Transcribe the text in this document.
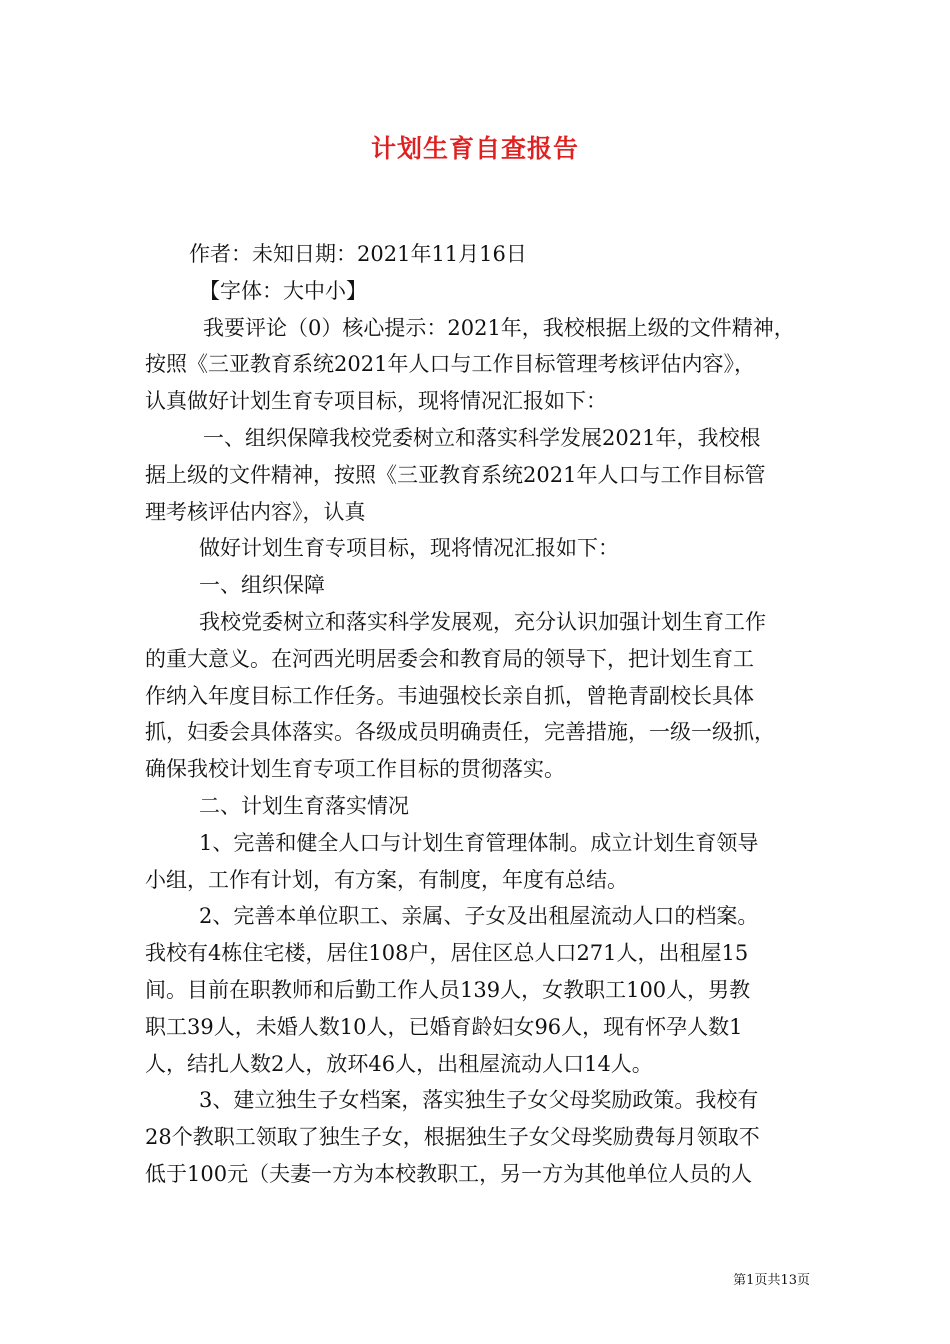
计划生育自查报告
作者：未知日期：2021年11月16日
【字体：大中小】
我要评论（0）核心提示：2021年，我校根据上级的文件精神，
按照《三亚教育系统2021年人口与工作目标管理考核评估内容》，
认真做好计划生育专项目标，现将情况汇报如下：
一、组织保障我校党委树立和落实科学发展2021年，我校根
据上级的文件精神，按照《三亚教育系统2021年人口与工作目标管
理考核评估内容》，认真
做好计划生育专项目标，现将情况汇报如下：
一、组织保障
我校党委树立和落实科学发展观，充分认识加强计划生育工作
的重大意义。在河西光明居委会和教育局的领导下，把计划生育工
作纳入年度目标工作任务。韦迪强校长亲自抓，曾艳青副校长具体
抓，妇委会具体落实。各级成员明确责任，完善措施，一级一级抓，
确保我校计划生育专项工作目标的贯彻落实。
二、计划生育落实情况
1、完善和健全人口与计划生育管理体制。成立计划生育领导
小组，工作有计划，有方案，有制度，年度有总结。
2、完善本单位职工、亲属、子女及出租屋流动人口的档案。
我校有4栋住宅楼，居住108户，居住区总人口271人，出租屋15
间。目前在职教师和后勤工作人员139人，女教职工100人，男教
职工39人，未婚人数10人，已婚育龄妇女96人，现有怀孕人数1
人，结扎人数2人，放环46人，出租屋流动人口14人。
3、建立独生子女档案，落实独生子女父母奖励政策。我校有
28个教职工领取了独生子女，根据独生子女父母奖励费每月领取不
低于100元（夫妻一方为本校教职工，另一方为其他单位人员的人
第1页共13页
